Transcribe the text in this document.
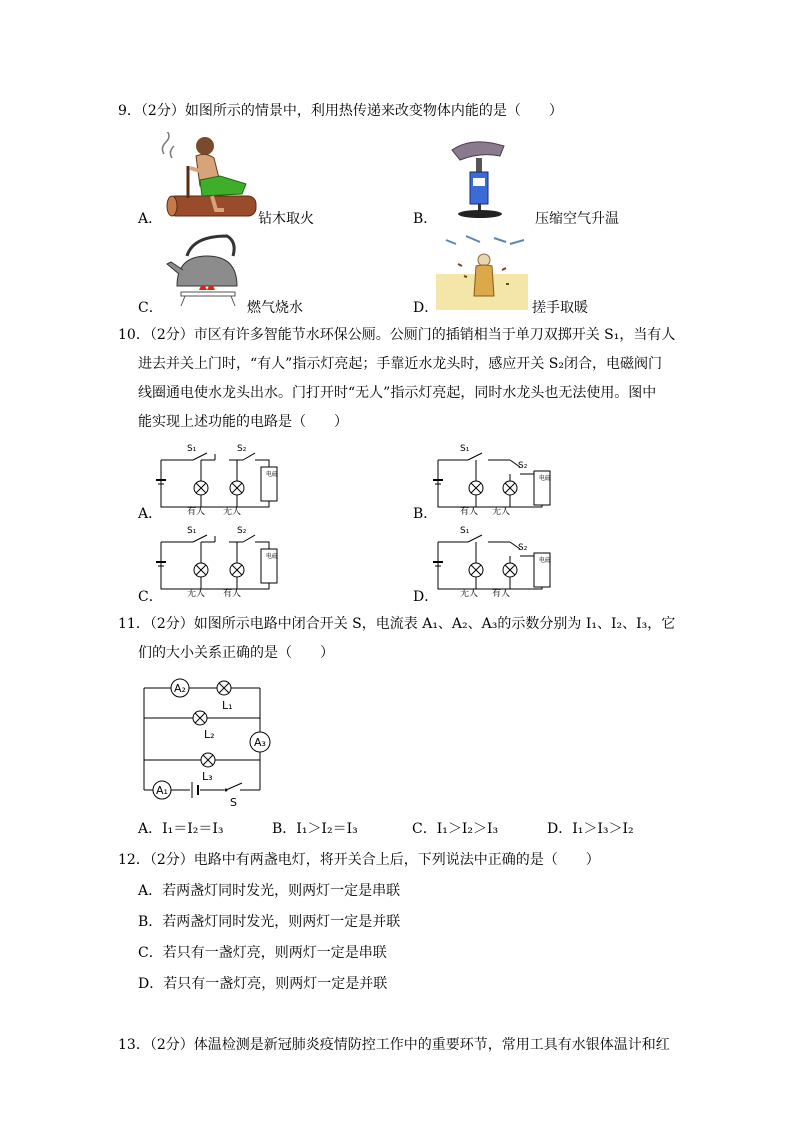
9．（2分）如图所示的情景中，利用热传递来改变物体内能的是（　　）
A．	钻木取火	B．	压缩空气升温
C．	燃气烧水	D．	搓手取暖
10．（2分）市区有许多智能节水环保公厕。公厕门的插销相当于单刀双掷开关 S₁，当有人
进去并关上门时，“有人”指示灯亮起；手靠近水龙头时，感应开关 S₂闭合，电磁阀门
线圈通电使水龙头出水。门打开时“无人”指示灯亮起，同时水龙头也无法使用。图中
能实现上述功能的电路是（　　）
S₁	S₂
有人 无人
A．
S₁
S₂
有人 无人
B．
S₁	S₂
无人 有人
C．
S₁
S₂
无人 有人
D．
11．（2分）如图所示电路中闭合开关 S，电流表 A₁、A₂、A₃的示数分别为 I₁、I₂、I₃，它
们的大小关系正确的是（　　）
A₂
L₁
L₂
A₃
L₃
A₁
S
A．I₁＝I₂＝I₃	B．I₁＞I₂＝I₃	C．I₁＞I₂＞I₃	D．I₁＞I₃＞I₂
12．（2分）电路中有两盏电灯，将开关合上后，下列说法中正确的是（　　）
A．若两盏灯同时发光，则两灯一定是串联
B．若两盏灯同时发光，则两灯一定是并联
C．若只有一盏灯亮，则两灯一定是串联
D．若只有一盏灯亮，则两灯一定是并联
13．（2分）体温检测是新冠肺炎疫情防控工作中的重要环节，常用工具有水银体温计和红
